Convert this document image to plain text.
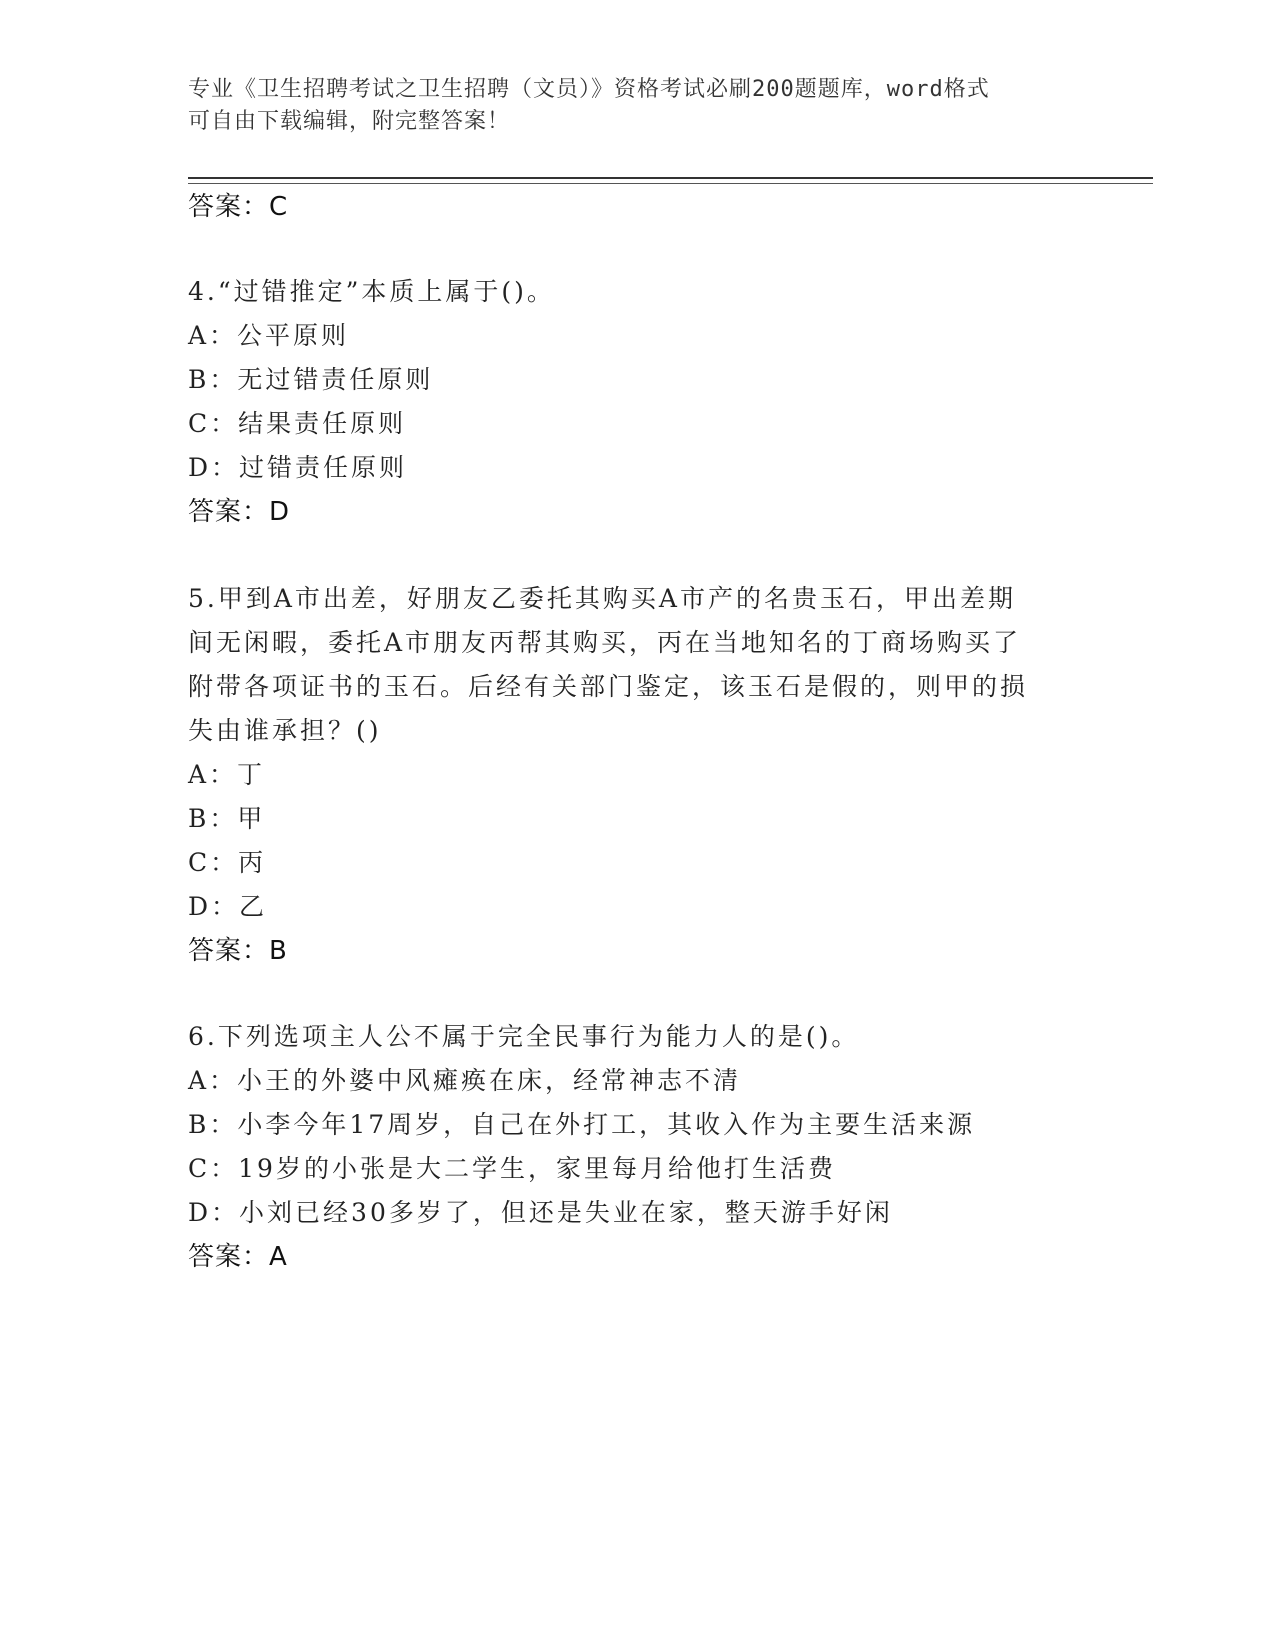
专业《卫生招聘考试之卫生招聘（文员）》资格考试必刷200题题库，word格式
可自由下载编辑，附完整答案！
答案：C
4.“过错推定”本质上属于()。
A：公平原则
B：无过错责任原则
C：结果责任原则
D：过错责任原则
答案：D
5.甲到A市出差，好朋友乙委托其购买A市产的名贵玉石，甲出差期
间无闲暇，委托A市朋友丙帮其购买，丙在当地知名的丁商场购买了
附带各项证书的玉石。后经有关部门鉴定，该玉石是假的，则甲的损
失由谁承担？()
A：丁
B：甲
C：丙
D：乙
答案：B
6.下列选项主人公不属于完全民事行为能力人的是()。
A：小王的外婆中风瘫痪在床，经常神志不清
B：小李今年17周岁，自己在外打工，其收入作为主要生活来源
C：19岁的小张是大二学生，家里每月给他打生活费
D：小刘已经30多岁了，但还是失业在家，整天游手好闲
答案：A
